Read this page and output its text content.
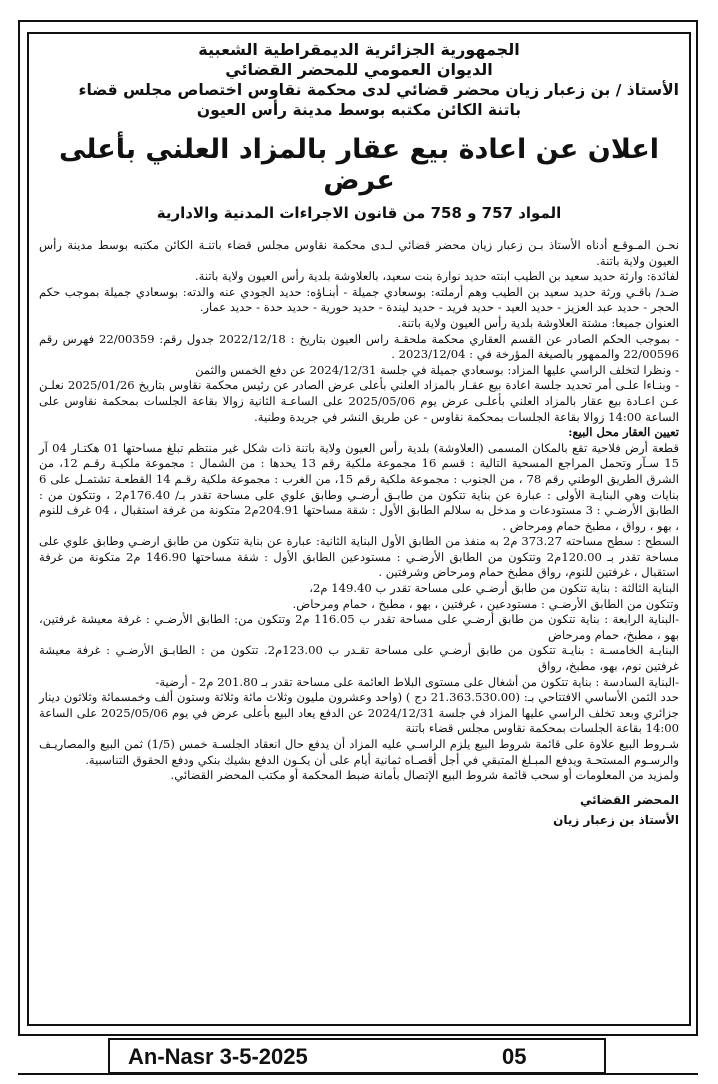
الجمهورية الجزائرية الديمقراطية الشعبية
الديوان العمومي للمحضر القضائي
الأستاذ / بن زعبار زيان محضر قضائي لدى محكمة نقاوس اختصاص مجلس قضاء
باتنة الكائن مكتبه بوسط مدينة رأس العيون
اعلان عن اعادة بيع عقار بالمزاد العلني بأعلى عرض
المواد 757 و 758 من قانون الاجراءات المدنية والادارية

نحـن المـوقـع أدناه الأستاذ بـن زعبار زيان محضر قضائي لـدى محكمة نقاوس مجلس قضاء باتنـة الكائن مكتبه بوسط مدينة رأس العيون ولاية باتنة.

لفائدة: وارثة حديد سعيد بن الطيب ابنته حديد نوارة بنت سعيد، بالعلاوشة بلدية رأس العيون ولاية باتنة.

ضـد/ باقـي ورثة حديد سعيد بن الطيب وهم أرملته: بوسعادي جميلة - أبنـاؤه: حديد الجودي عنه والدته: بوسعادي جميلة بموجب حكم الحجر - حديد عبد العزيز - حديد العيد - حديد فريد - حديد ليندة - حديد حورية - حديد حدة - حديد عمار.

العنوان جميعا: مشتة العلاوشة بلدية رأس العيون ولاية باتنة.

- بموجب الحكم الصادر عن القسم العقاري محكمة ملحقـة راس العيون بتاريخ : 2022/12/18 جدول رقم: 22/00359 فهرس رقم 22/00596 والممهور بالصيغة المؤرخة في : 2023/12/04 .

- ونظرا لتخلف الراسي عليها المزاد: بوسعادي جميلة في جلسة 2024/12/31 عن دفع الخمس والثمن

- وبنـاءا علـى أمر تحديد جلسة اعادة بيع عقـار بالمزاد العلني بأعلى عرض الصادر عن رئيس محكمة نقاوس بتاريخ 2025/01/26 نعلـن عـن اعـادة بيع عقار بالمزاد العلني بأعلـى عرض يوم 2025/05/06 على الساعـة الثانية زوالا بقاعة الجلسات بمحكمة نقاوس على الساعة 14:00 زوالا بقاعة الجلسات بمحكمة نقاوس - عن طريق النشر في جريدة وطنية.

تعيين العقار محل البيع:

قطعة أرض فلاحية تقع بالمكان المسمى (العلاوشة) بلدية رأس العيون ولاية باتنة ذات شكل غير منتظم تبلغ مساحتها 01 هكتـار 04 آر 15 سـآر وتحمل المراجع المسحية التالية : قسم 16 مجموعة ملكية رقم 13 يحدها : من الشمال : مجموعة ملكيـة رقـم 12، من الشرق الطريق الوطني رقم 78 ، من الجنوب : مجموعة ملكية رقم 15، من الغرب : مجموعة ملكية رقـم 14 القطعـة تشتمـل على 6 بنايات وهي البنايـة الأولى : عبارة عن بناية تتكون من طابـق أرضـي وطابق علوي على مساحة تقدر بـ/ 176.40م2 ، وتتكون من : الطابق الأرضـي : 3 مستودعات و مدخل به سلالم الطابق الأول : شقة مساحتها 204.91م2 متكونة من غرفة استقبال ، 04 غرف للنوم ، بهو ، رواق ، مطبخ حمام ومرحاض .

السطح : سطح مساحته 373.27 م2 به منفذ من الطابق الأول البناية الثانية: عبارة عن بناية تتكون من طابق ارضـي وطابق علوي على مساحة تقدر بـ 120.00م2 وتتكون من الطابق الأرضـي : مستودعين الطابق الأول : شقة مساحتها 146.90 م2 متكونة من غرفة استقبال ، غرفتين للنوم، رواق مطبخ حمام ومرحاض وشرفتين .

البناية الثالثة : بناية تتكون من طابق أرضـي على مساحة تقدر ب 149.40 م2،

وتتكون من الطابق الأرضـي : مستودعين ، غرفتين ، بهو ، مطبخ ، حمام ومرحاض.

-البناية الرابعة : بناية تتكون من طابق أرضـي على مساحة تقدر ب 116.05 م2 وتتكون من: الطابق الأرضـي : غرفة معيشة غرفتين، بهو ، مطبخ، حمام ومرحاض

البنايـة الخامسـة : بنايـة تتكون من طابق أرضـي على مساحة تقـدر ب 123.00م2. تتكون من : الطابـق الأرضـي : غرفة معيشة غرفتين نوم، بهو، مطبخ، رواق

-البناية السادسة : بناية تتكون من أشغال على مستوى البلاط العائمة على مساحة تقدر بـ 201.80 م2 - أرضية-

حدد الثمن الأساسي الافتتاحي بـ: (21.363.530.00 دج ) (واحد وعشرون مليون وثلاث مائة وثلاثة وستون ألف وخمسمائة وثلاثون دينار جزائري وبعد تخلف الراسي عليها المزاد في جلسة 2024/12/31 عن الدفع يعاد البيع بأعلى عرض في يوم 2025/05/06 على الساعة 14:00 بقاعة الجلسات بمحكمة نقاوس مجلس قضاء باتنة

شـروط البيع علاوة على قائمة شروط البيع يلزم الراسـي عليه المزاد أن يدفع حال انعقاد الجلسـة خمس (1/5) ثمن البيع والمصاريـف والرسـوم المستحـة ويدفع المبـلغ المتبقي في أجل أقصـاه ثمانية أيام على أن يكـون الدفع بشيك بنكي ودفع الحقوق التناسبية.

ولمزيد من المعلومات أو سحب قائمة شروط البيع الإتصال بأمانة ضبط المحكمة أو مكتب المحضر القضائي.

المحضر القضائي
الأستاذ بن زعبار زيان
An-Nasr 3-5-2025	05
